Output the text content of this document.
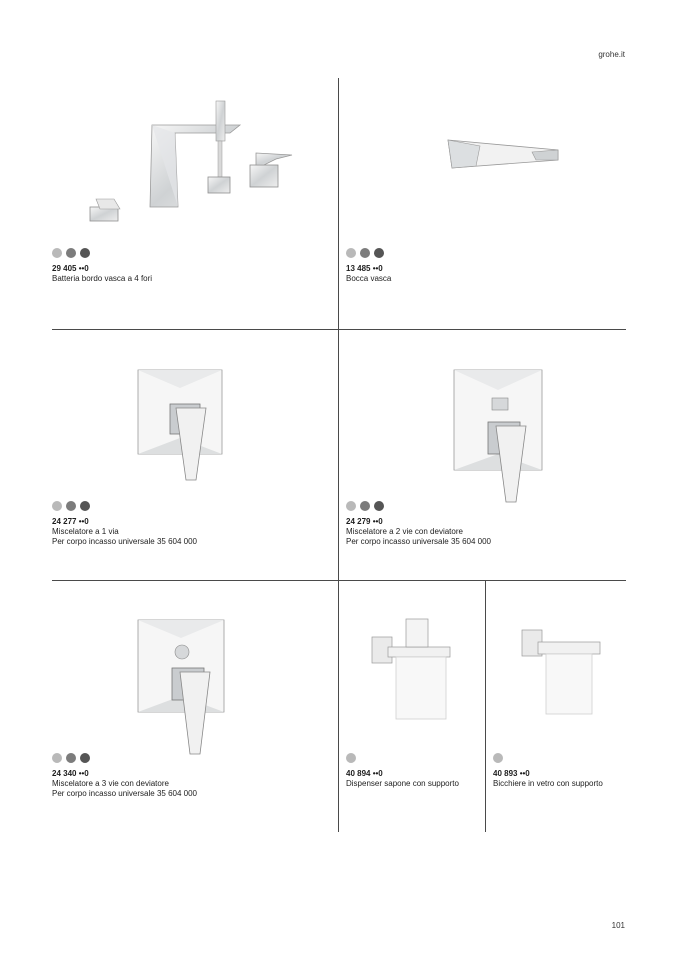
grohe.it
101
29 405 ••0
Batteria bordo vasca a 4 fori
13 485 ••0
Bocca vasca
24 277 ••0
Miscelatore a 1 via
Per corpo incasso universale 35 604 000
24 279 ••0
Miscelatore a 2 vie con deviatore
Per corpo incasso universale 35 604 000
24 340 ••0
Miscelatore a 3 vie con deviatore
Per corpo incasso universale 35 604 000
40 894 ••0
Dispenser sapone con supporto
40 893 ••0
Bicchiere in vetro con supporto
